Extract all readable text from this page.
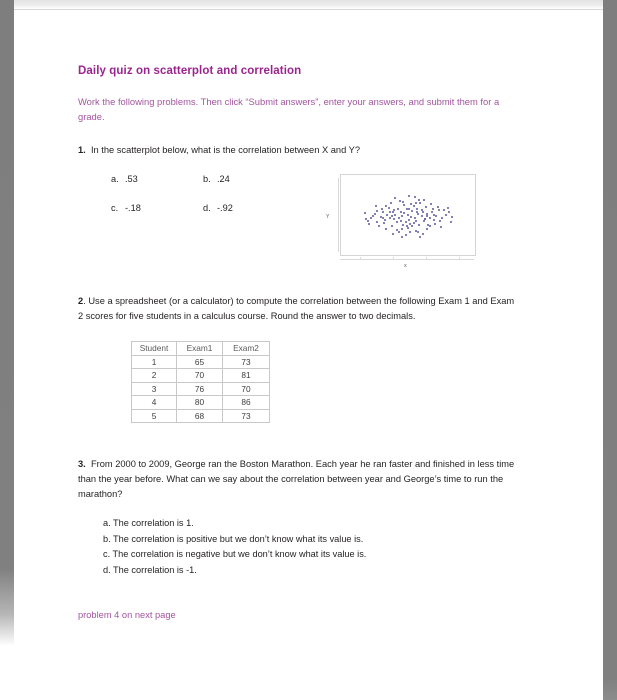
Daily quiz on scatterplot and correlation

Work the following problems. Then click “Submit answers”, enter your answers, and submit them for a grade.

1. In the scatterplot below, what is the correlation between X and Y?

a. .53	b. .24
c. -.18	d. -.92
Y
x

2. Use a spreadsheet (or a calculator) to compute the correlation between the following Exam 1 and Exam 2 scores for five students in a calculus course. Round the answer to two decimals.

Student	Exam1	Exam2
1	65	73
2	70	81
3	76	70
4	80	86
5	68	73

3. From 2000 to 2009, George ran the Boston Marathon. Each year he ran faster and finished in less time than the year before. What can we say about the correlation between year and George’s time to run the marathon?

a. The correlation is 1.
b. The correlation is positive but we don’t know what its value is.
c. The correlation is negative but we don’t know what its value is.
d. The correlation is -1.
problem 4 on next page
